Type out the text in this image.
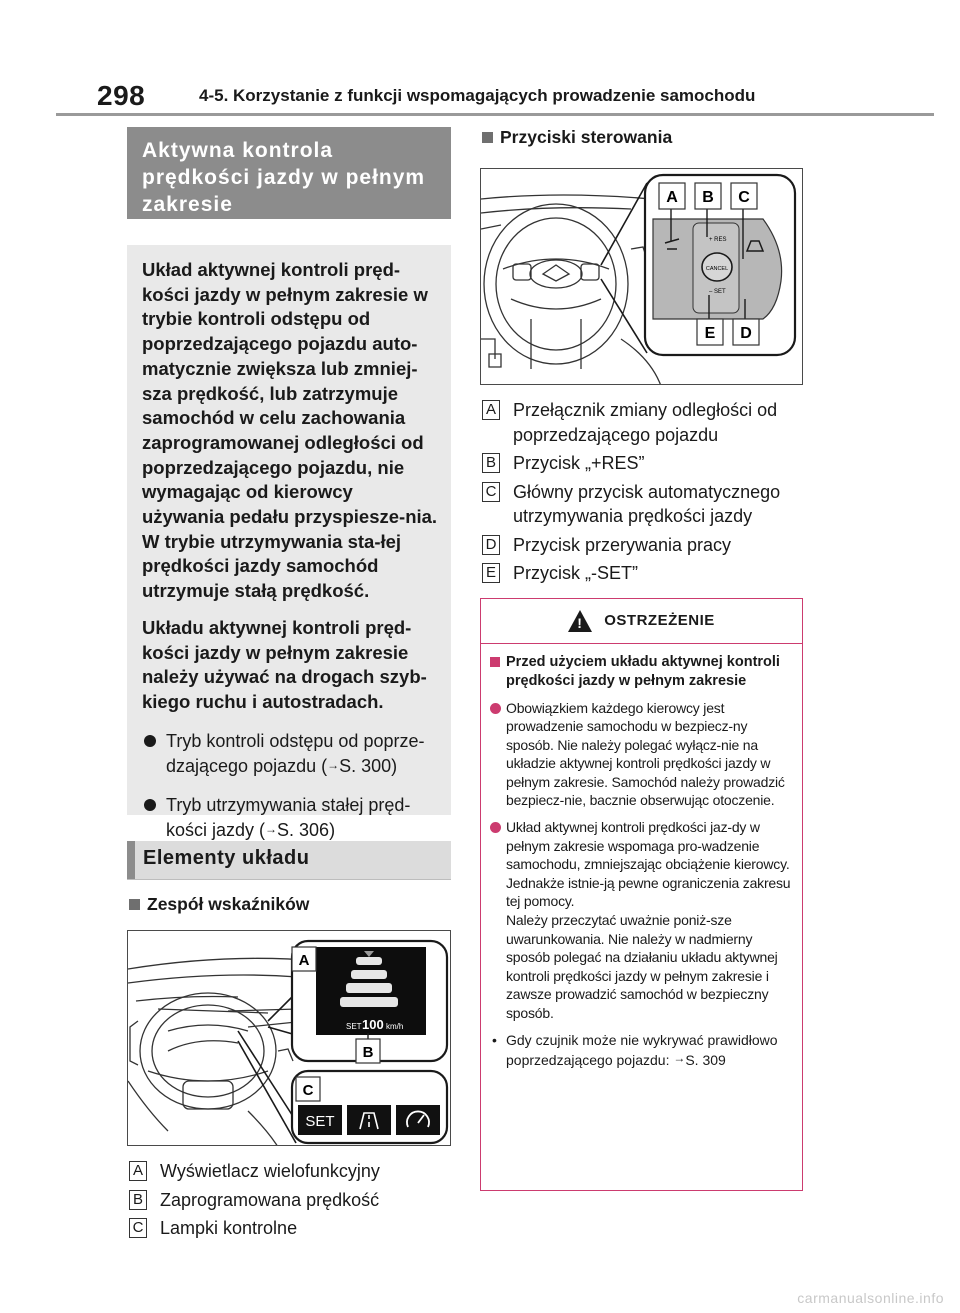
298	4-5. Korzystanie z funkcji wspomagających prowadzenie samochodu
Aktywna kontrola prędkości jazdy w pełnym zakresie

Układ aktywnej kontroli pręd-kości jazdy w pełnym zakresie w trybie kontroli odstępu od poprzedzającego pojazdu auto-matycznie zwiększa lub zmniej-sza prędkość, lub zatrzymuje samochód w celu zachowania zaprogramowanej odległości od poprzedzającego pojazdu, nie wymagając od kierowcy używania pedału przyspiesze-nia. W trybie utrzymywania sta-łej prędkości jazdy samochód utrzymuje stałą prędkość.

Układu aktywnej kontroli pręd-kości jazdy w pełnym zakresie należy używać na drogach szyb-kiego ruchu i autostradach.

Tryb kontroli odstępu od poprze-dzającego pojazdu (→S. 300)
Tryb utrzymywania stałej pręd-kości jazdy (→S. 306)
Elementy układu
Zespół wskaźników
SET 100 km/h
A
B
C
SET
A Wyświetlacz wielofunkcyjny
B Zaprogramowana prędkość
C Lampki kontrolne
Przyciski sterowania
CANCEL
+ RES
– SET
A B C
E D
A Przełącznik zmiany odległości od poprzedzającego pojazdu
B Przycisk „+RES”
C Główny przycisk automatycznego utrzymywania prędkości jazdy
D Przycisk przerywania pracy
E Przycisk „-SET”
!
OSTRZEŻENIE
Przed użyciem układu aktywnej kontroli prędkości jazdy w pełnym zakresie
Obowiązkiem każdego kierowcy jest prowadzenie samochodu w bezpiecz-ny sposób. Nie należy polegać wyłącz-nie na układzie aktywnej kontroli prędkości jazdy w pełnym zakresie. Samochód należy prowadzić bezpiecz-nie, bacznie obserwując otoczenie.
Układ aktywnej kontroli prędkości jaz-dy w pełnym zakresie wspomaga pro-wadzenie samochodu, zmniejszając obciążenie kierowcy. Jednakże istnie-ją pewne ograniczenia zakresu tej pomocy.
Należy przeczytać uważnie poniż-sze uwarunkowania. Nie należy w nadmierny sposób polegać na działaniu układu aktywnej kontroli prędkości jazdy w pełnym zakresie i zawsze prowadzić samochód w bezpieczny sposób.
• Gdy czujnik może nie wykrywać prawidłowo poprzedzającego pojazdu: →S. 309
carmanualsonline.info
